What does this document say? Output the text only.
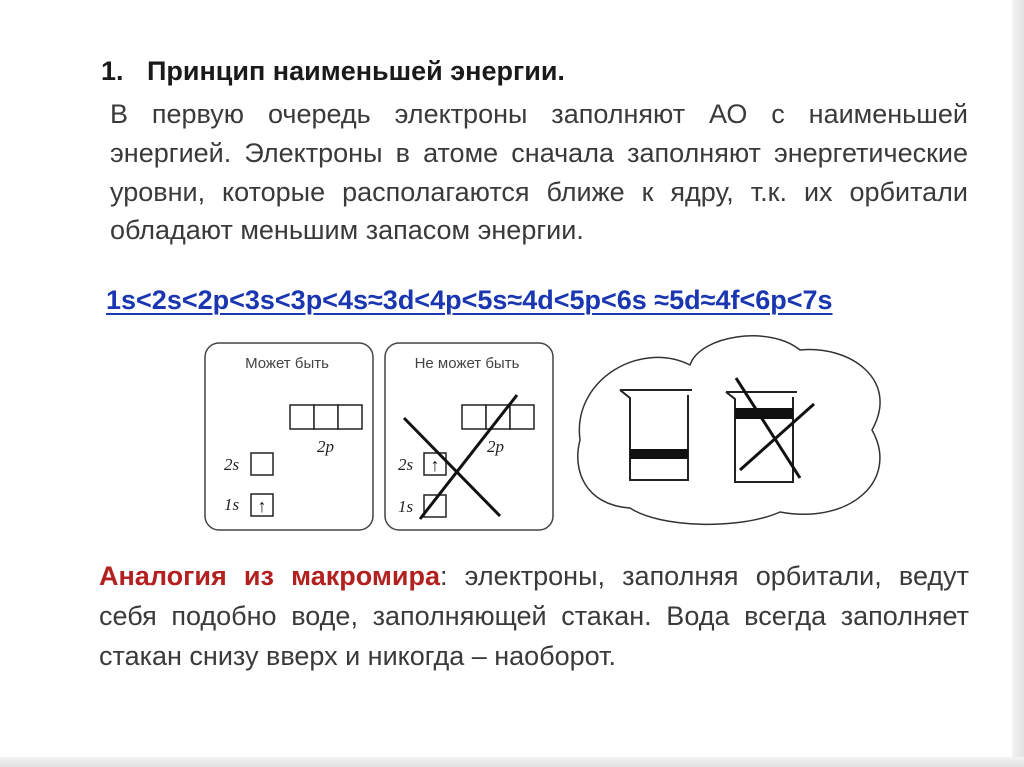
1. Принцип наименьшей энергии.

В первую очередь электроны заполняют АО с наименьшей энергией. Электроны в атоме сначала заполняют энергетические уровни, которые располагаются ближе к ядру, т.к. их орбитали обладают меньшим запасом энергии.

1s<2s<2p<3s<3p<4s≈3d<4p<5s≈4d<5p<6s ≈5d≈4f<6p<7s

Может быть
2p
2s
1s ↑
Не может быть
2p
2s ↑
1s

Аналогия из макромира: электроны, заполняя орбитали, ведут себя подобно воде, заполняющей стакан. Вода всегда заполняет стакан снизу вверх и никогда – наоборот.
